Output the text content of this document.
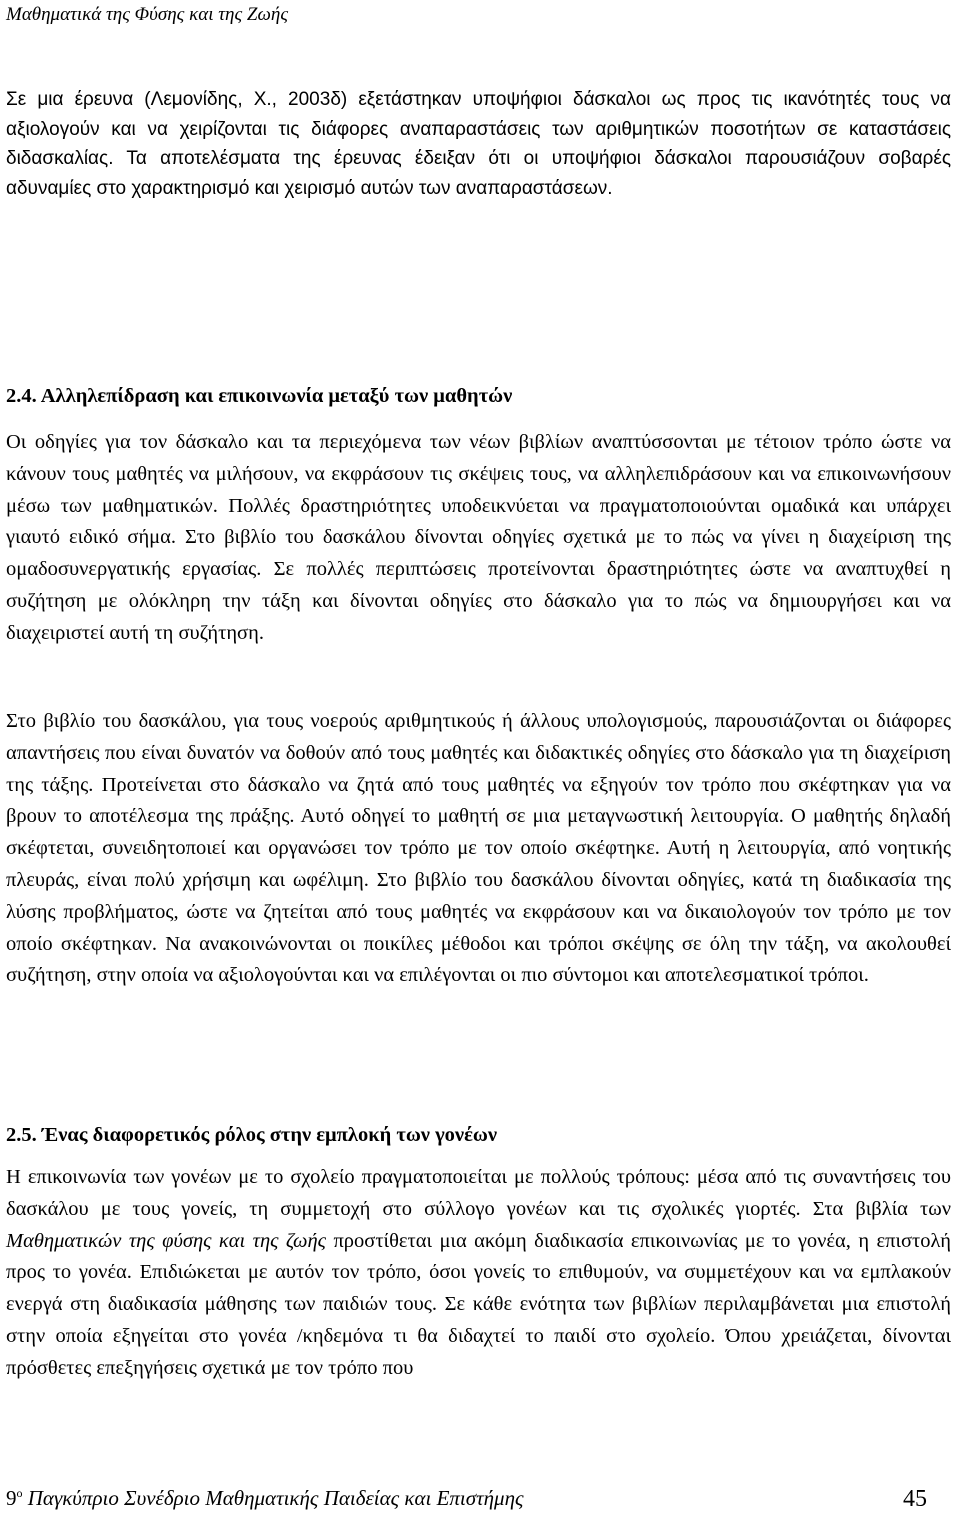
Μαθηματικά της Φύσης και της Ζωής

Σε μια έρευνα (Λεμονίδης, Χ., 2003δ) εξετάστηκαν υποψήφιοι δάσκαλοι ως προς τις ικανότητές τους να αξιολογούν και να χειρίζονται τις διάφορες αναπαραστάσεις των αριθμητικών ποσοτήτων σε καταστάσεις διδασκαλίας. Τα αποτελέσματα της έρευνας έδειξαν ότι οι υποψήφιοι δάσκαλοι παρουσιάζουν σοβαρές αδυναμίες στο χαρακτηρισμό και χειρισμό αυτών των αναπαραστάσεων.

2.4. Αλληλεπίδραση και επικοινωνία μεταξύ των μαθητών

Οι οδηγίες για τον δάσκαλο και τα περιεχόμενα των νέων βιβλίων αναπτύσσονται με τέτοιον τρόπο ώστε να κάνουν τους μαθητές να μιλήσουν, να εκφράσουν τις σκέψεις τους, να αλληλεπιδράσουν και να επικοινωνήσουν μέσω των μαθηματικών. Πολλές δραστηριότητες υποδεικνύεται να πραγματοποιούνται ομαδικά και υπάρχει γιαυτό ειδικό σήμα. Στο βιβλίο του δασκάλου δίνονται οδηγίες σχετικά με το πώς να γίνει η διαχείριση της ομαδοσυνεργατικής εργασίας. Σε πολλές περιπτώσεις προτείνονται δραστηριότητες ώστε να αναπτυχθεί η συζήτηση με ολόκληρη την τάξη και δίνονται οδηγίες στο δάσκαλο για το πώς να δημιουργήσει και να διαχειριστεί αυτή τη συζήτηση.

Στο βιβλίο του δασκάλου, για τους νοερούς αριθμητικούς ή άλλους υπολογισμούς, παρουσιάζονται οι διάφορες απαντήσεις που είναι δυνατόν να δοθούν από τους μαθητές και διδακτικές οδηγίες στο δάσκαλο για τη διαχείριση της τάξης. Προτείνεται στο δάσκαλο να ζητά από τους μαθητές να εξηγούν τον τρόπο που σκέφτηκαν για να βρουν το αποτέλεσμα της πράξης. Αυτό οδηγεί το μαθητή σε μια μεταγνωστική λειτουργία. Ο μαθητής δηλαδή σκέφτεται, συνειδητοποιεί και οργανώσει τον τρόπο με τον οποίο σκέφτηκε. Αυτή η λειτουργία, από νοητικής πλευράς, είναι πολύ χρήσιμη και ωφέλιμη. Στο βιβλίο του δασκάλου δίνονται οδηγίες, κατά τη διαδικασία της λύσης προβλήματος, ώστε να ζητείται από τους μαθητές να εκφράσουν και να δικαιολογούν τον τρόπο με τον οποίο σκέφτηκαν. Να ανακοινώνονται οι ποικίλες μέθοδοι και τρόποι σκέψης σε όλη την τάξη, να ακολουθεί συζήτηση, στην οποία να αξιολογούνται και να επιλέγονται οι πιο σύντομοι και αποτελεσματικοί τρόποι.

2.5. Ένας διαφορετικός ρόλος στην εμπλοκή των γονέων

Η επικοινωνία των γονέων με το σχολείο πραγματοποιείται με πολλούς τρόπους: μέσα από τις συναντήσεις του δασκάλου με τους γονείς, τη συμμετοχή στο σύλλογο γονέων και τις σχολικές γιορτές. Στα βιβλία των Μαθηματικών της φύσης και της ζωής προστίθεται μια ακόμη διαδικασία επικοινωνίας με το γονέα, η επιστολή προς το γονέα. Επιδιώκεται με αυτόν τον τρόπο, όσοι γονείς το επιθυμούν, να συμμετέχουν και να εμπλακούν ενεργά στη διαδικασία μάθησης των παιδιών τους. Σε κάθε ενότητα των βιβλίων περιλαμβάνεται μια επιστολή στην οποία εξηγείται στο γονέα /κηδεμόνα τι θα διδαχτεί το παιδί στο σχολείο. Όπου χρειάζεται, δίνονται πρόσθετες επεξηγήσεις σχετικά με τον τρόπο που

$9^o$ Παγκύπριο Συνέδριο Μαθηματικής Παιδείας και Επιστήμης	45
